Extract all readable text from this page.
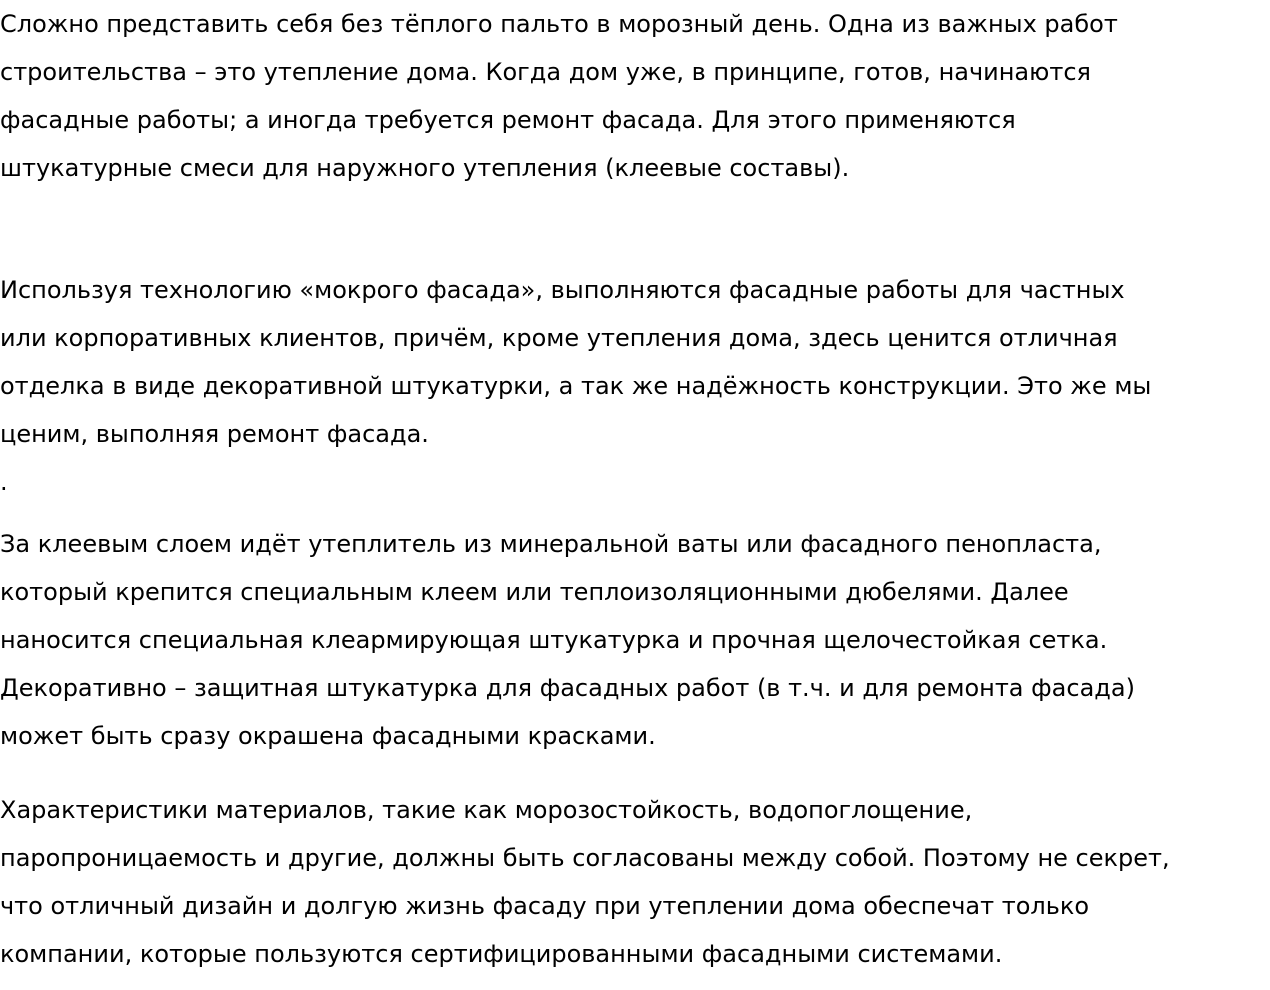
Сложно представить себя без тёплого пальто в морозный день. Одна из важных работ
строительства – это утепление дома. Когда дом уже, в принципе, готов, начинаются
фасадные работы; а иногда требуется ремонт фасада. Для этого применяются
штукатурные смеси для наружного утепления (клеевые составы).

Используя технологию «мокрого фасада», выполняются фасадные работы для частных
или корпоративных клиентов, причём, кроме утепления дома, здесь ценится отличная
отделка в виде декоративной штукатурки, а так же надёжность конструкции. Это же мы
ценим, выполняя ремонт фасада.
.

За клеевым слоем идёт утеплитель из минеральной ваты или фасадного пенопласта,
который крепится специальным клеем или теплоизоляционными дюбелями. Далее
наносится специальная клеармирующая штукатурка и прочная щелочестойкая сетка.
Декоративно – защитная штукатурка для фасадных работ (в т.ч. и для ремонта фасада)
может быть сразу окрашена фасадными красками.

Характеристики материалов, такие как морозостойкость, водопоглощение,
паропроницаемость и другие, должны быть согласованы между собой. Поэтому не секрет,
что отличный дизайн и долгую жизнь фасаду при утеплении дома обеспечат только
компании, которые пользуются сертифицированными фасадными системами.
